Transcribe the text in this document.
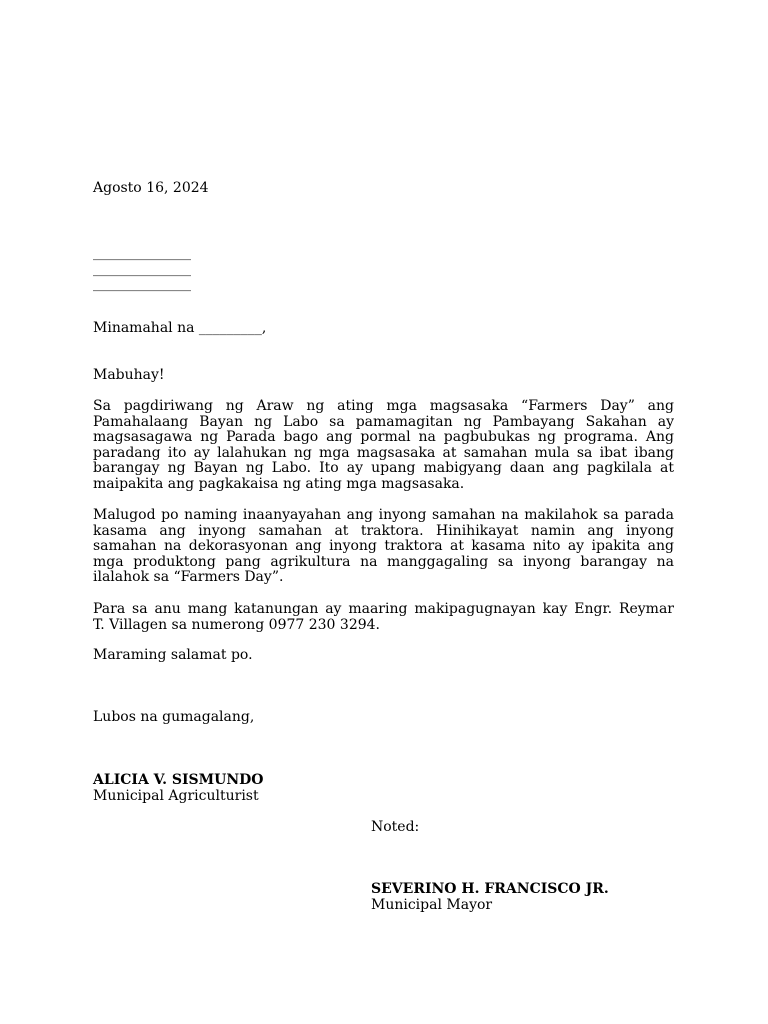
Agosto 16, 2024

______________
______________
______________

Minamahal na _________,

Mabuhay!

Sa pagdiriwang ng Araw ng ating mga magsasaka “Farmers Day” ang
Pamahalaang Bayan ng Labo sa pamamagitan ng Pambayang Sakahan ay
magsasagawa ng Parada bago ang pormal na pagbubukas ng programa. Ang
paradang ito ay lalahukan ng mga magsasaka at samahan mula sa ibat ibang
barangay ng Bayan ng Labo. Ito ay upang mabigyang daan ang pagkilala at
maipakita ang pagkakaisa ng ating mga magsasaka.
Malugod po naming inaanyayahan ang inyong samahan na makilahok sa parada
kasama ang inyong samahan at traktora. Hinihikayat namin ang inyong
samahan na dekorasyonan ang inyong traktora at kasama nito ay ipakita ang
mga produktong pang agrikultura na manggagaling sa inyong barangay na
ilalahok sa “Farmers Day”.
Para sa anu mang katanungan ay maaring makipagugnayan kay Engr. Reymar
T. Villagen sa numerong 0977 230 3294.

Maraming salamat po.

Lubos na gumagalang,

ALICIA V. SISMUNDO
Municipal Agriculturist

Noted:

SEVERINO H. FRANCISCO JR.
Municipal Mayor
